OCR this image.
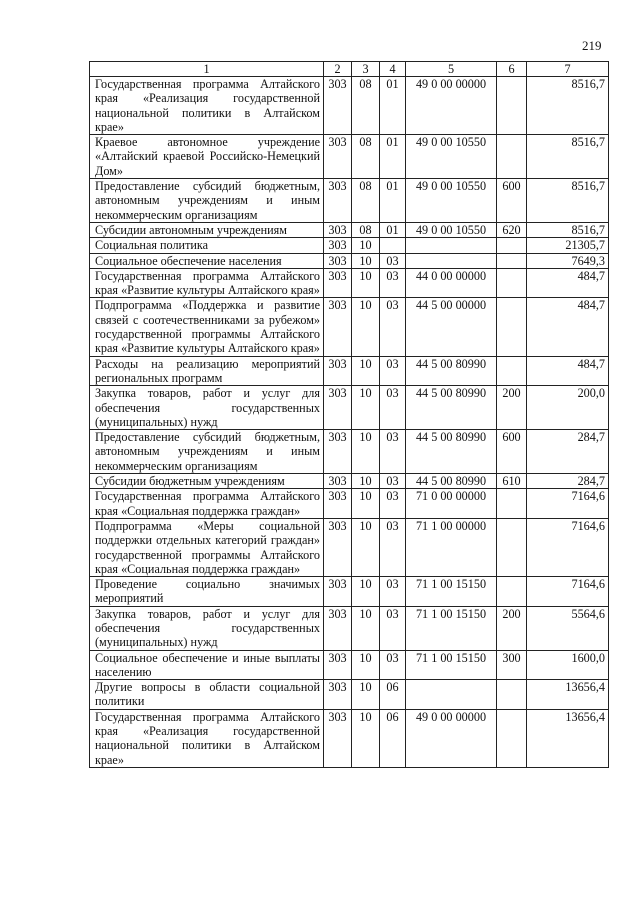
219
1	2	3	4	5	6	7
Государственная программа Алтайского края «Реализация государственной национальной политики в Алтайском крае»	303	08	01	49 0 00 00000		8516,7
Краевое автономное учреждение «Алтайский краевой Российско-Немецкий Дом»	303	08	01	49 0 00 10550		8516,7
Предоставление субсидий бюджетным, автономным учреждениям и иным некоммерческим организациям	303	08	01	49 0 00 10550	600	8516,7
Субсидии автономным учреждениям	303	08	01	49 0 00 10550	620	8516,7
Социальная политика	303	10				21305,7
Социальное обеспечение населения	303	10	03			7649,3
Государственная программа Алтайского края «Развитие культуры Алтайского края»	303	10	03	44 0 00 00000		484,7
Подпрограмма «Поддержка и развитие связей с соотечественниками за рубежом» государственной программы Алтайского края «Развитие культуры Алтайского края»	303	10	03	44 5 00 00000		484,7
Расходы на реализацию мероприятий региональных программ	303	10	03	44 5 00 80990		484,7
Закупка товаров, работ и услуг для обеспечения государственных (муниципальных) нужд	303	10	03	44 5 00 80990	200	200,0
Предоставление субсидий бюджетным, автономным учреждениям и иным некоммерческим организациям	303	10	03	44 5 00 80990	600	284,7
Субсидии бюджетным учреждениям	303	10	03	44 5 00 80990	610	284,7
Государственная программа Алтайского края «Социальная поддержка граждан»	303	10	03	71 0 00 00000		7164,6
Подпрограмма «Меры социальной поддержки отдельных категорий граждан» государственной программы Алтайского края «Социальная поддержка граждан»	303	10	03	71 1 00 00000		7164,6
Проведение социально значимых мероприятий	303	10	03	71 1 00 15150		7164,6
Закупка товаров, работ и услуг для обеспечения государственных (муниципальных) нужд	303	10	03	71 1 00 15150	200	5564,6
Социальное обеспечение и иные выплаты населению	303	10	03	71 1 00 15150	300	1600,0
Другие вопросы в области социальной политики	303	10	06			13656,4
Государственная программа Алтайского края «Реализация государственной национальной политики в Алтайском крае»	303	10	06	49 0 00 00000		13656,4
